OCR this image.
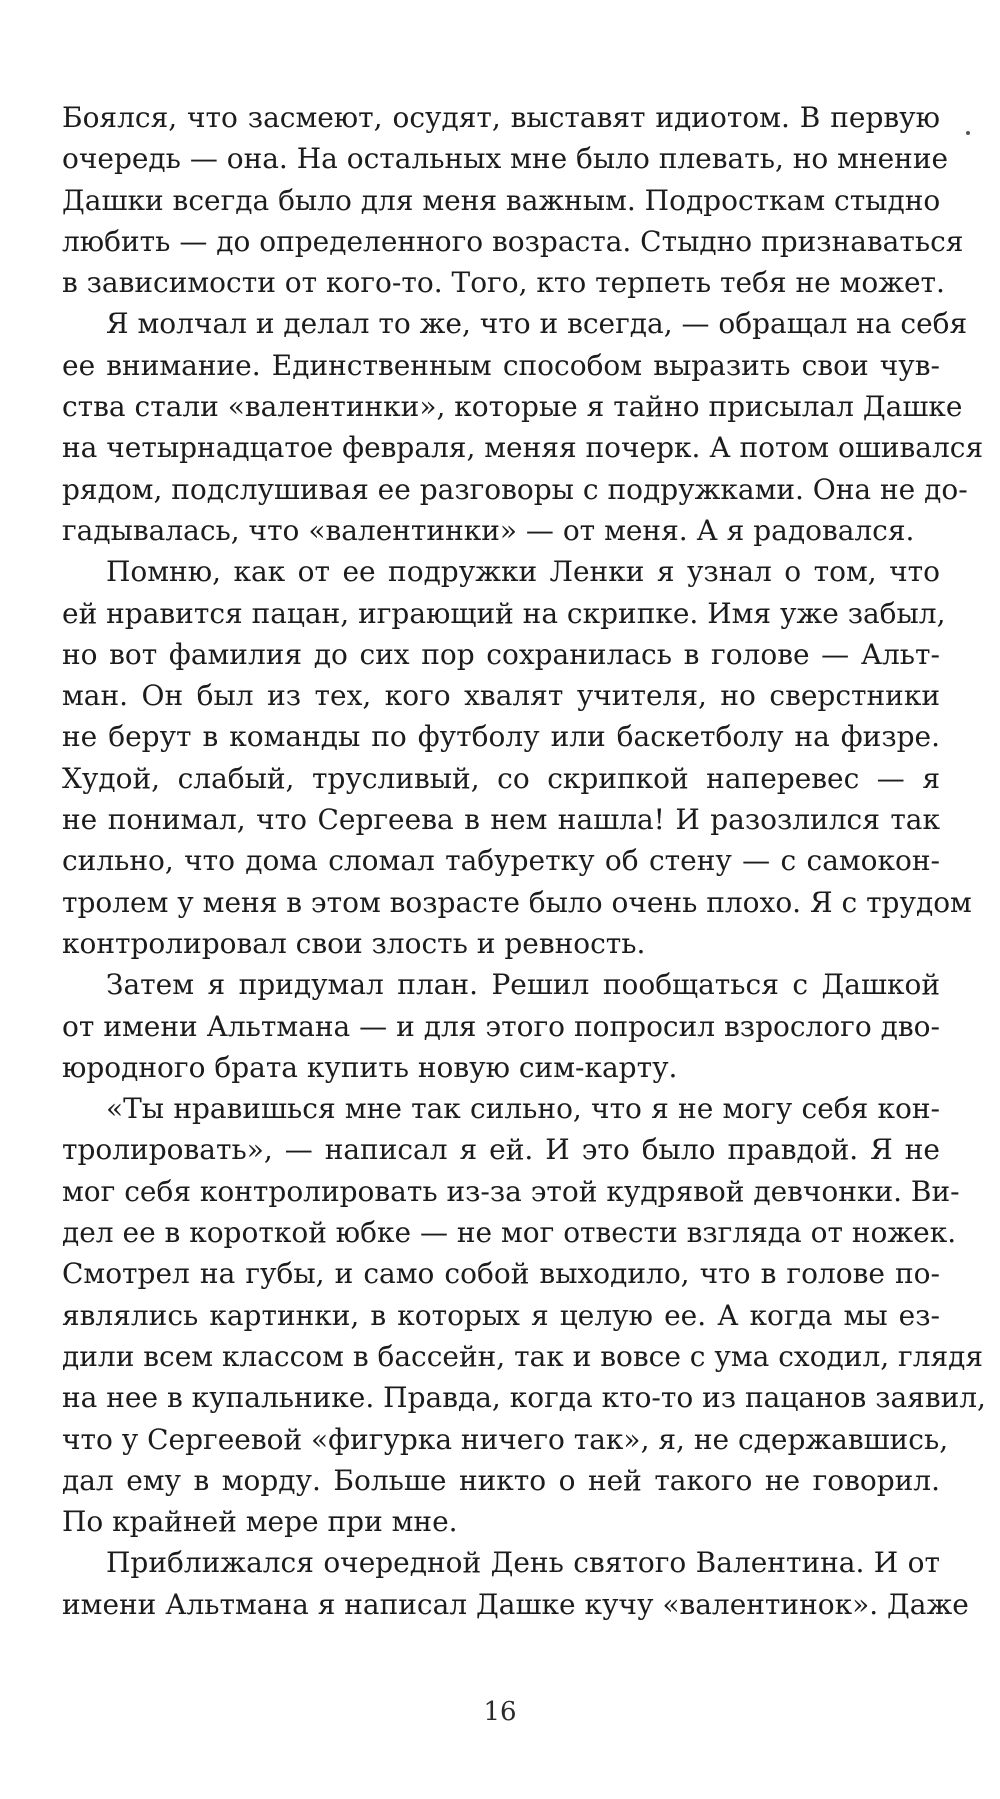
Боялся, что засмеют, осудят, выставят идиотом. В первую
очередь — она. На остальных мне было плевать, но мнение
Дашки всегда было для меня важным. Подросткам стыдно
любить — до определенного возраста. Стыдно признаваться
в зависимости от кого-то. Того, кто терпеть тебя не может.
Я молчал и делал то же, что и всегда, — обращал на себя
ее внимание. Единственным способом выразить свои чув-
ства стали «валентинки», которые я тайно присылал Дашке
на четырнадцатое февраля, меняя почерк. А потом ошивался
рядом, подслушивая ее разговоры с подружками. Она не до-
гадывалась, что «валентинки» — от меня. А я радовался.
Помню, как от ее подружки Ленки я узнал о том, что
ей нравится пацан, играющий на скрипке. Имя уже забыл,
но вот фамилия до сих пор сохранилась в голове — Альт-
ман. Он был из тех, кого хвалят учителя, но сверстники
не берут в команды по футболу или баскетболу на физре.
Худой, слабый, трусливый, со скрипкой наперевес — я
не понимал, что Сергеева в нем нашла! И разозлился так
сильно, что дома сломал табуретку об стену — с самокон-
тролем у меня в этом возрасте было очень плохо. Я с трудом
контролировал свои злость и ревность.
Затем я придумал план. Решил пообщаться с Дашкой
от имени Альтмана — и для этого попросил взрослого дво-
юродного брата купить новую сим-карту.
«Ты нравишься мне так сильно, что я не могу себя кон-
тролировать», — написал я ей. И это было правдой. Я не
мог себя контролировать из-за этой кудрявой девчонки. Ви-
дел ее в короткой юбке — не мог отвести взгляда от ножек.
Смотрел на губы, и само собой выходило, что в голове по-
являлись картинки, в которых я целую ее. А когда мы ез-
дили всем классом в бассейн, так и вовсе с ума сходил, глядя
на нее в купальнике. Правда, когда кто-то из пацанов заявил,
что у Сергеевой «фигурка ничего так», я, не сдержавшись,
дал ему в морду. Больше никто о ней такого не говорил.
По крайней мере при мне.
Приближался очередной День святого Валентина. И от
имени Альтмана я написал Дашке кучу «валентинок». Даже
16
